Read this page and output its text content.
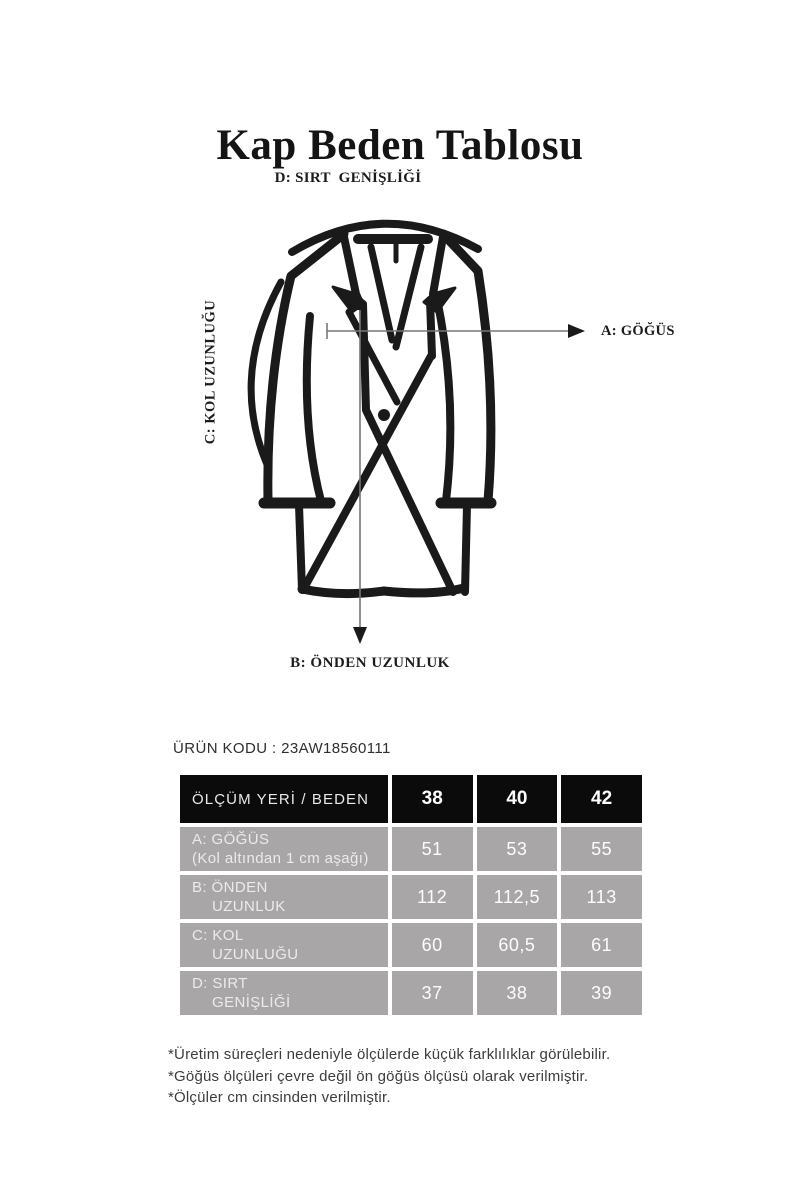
Kap Beden Tablosu
D: SIRT  GENİŞLİĞİ
A: GÖĞÜS
C: KOL UZUNLUĞU
B: ÖNDEN UZUNLUK
ÜRÜN KODU : 23AW18560111
ÖLÇÜM YERİ / BEDEN	38	40	42
A: GÖĞÜS
(Kol altından 1 cm aşağı)	51	53	55
B: ÖNDEN
UZUNLUK	112	112,5	113
C: KOL
UZUNLUĞU	60	60,5	61
D: SIRT
GENİŞLİĞİ	37	38	39
*Üretim süreçleri nedeniyle ölçülerde küçük farklılıklar görülebilir.
*Göğüs ölçüleri çevre değil ön göğüs ölçüsü olarak verilmiştir.
*Ölçüler cm cinsinden verilmiştir.
